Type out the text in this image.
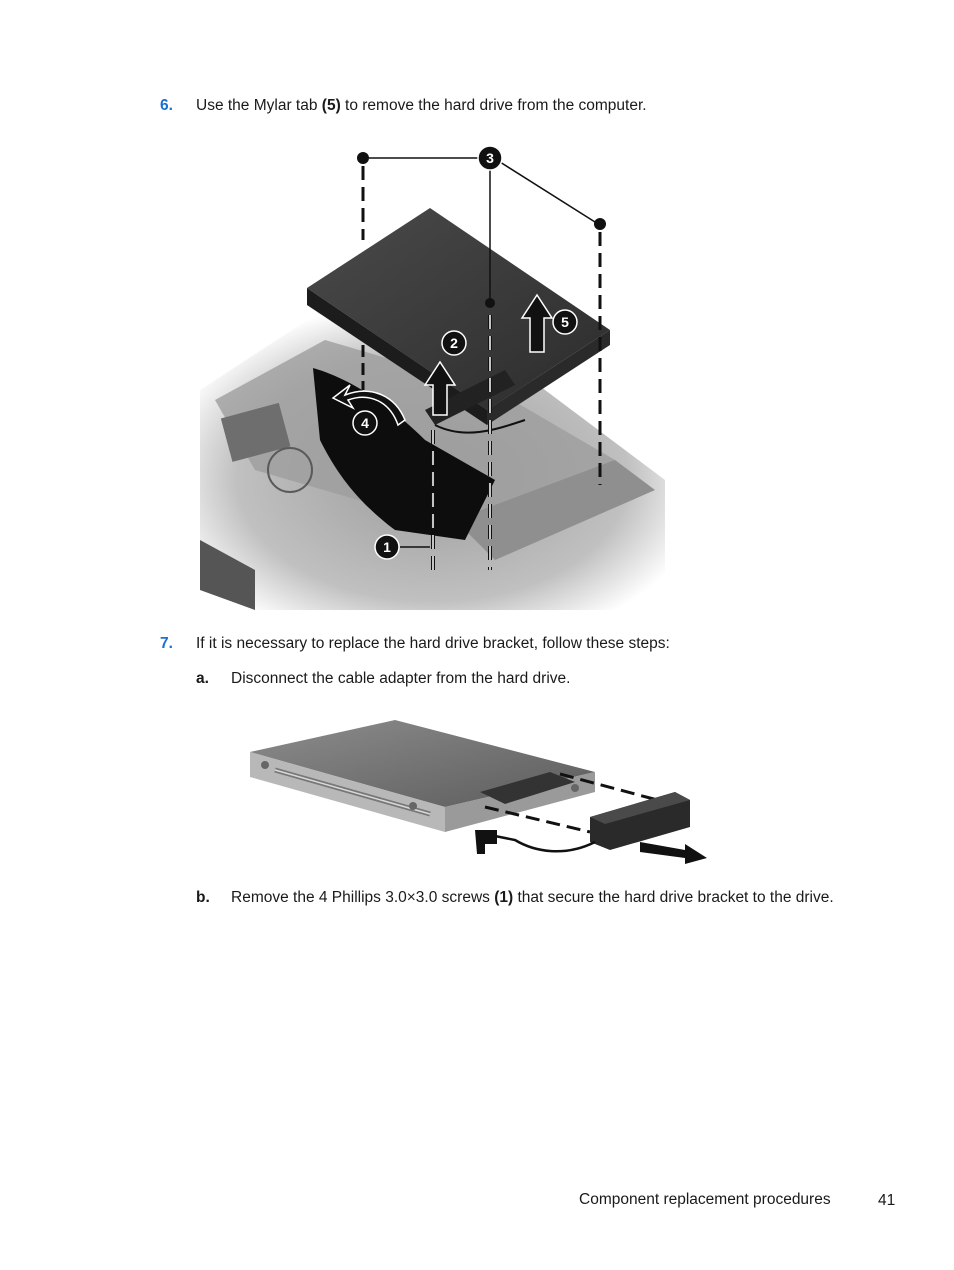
6. Use the Mylar tab (5) to remove the hard drive from the computer.
1
2
3
4
5
7. If it is necessary to replace the hard drive bracket, follow these steps:
a. Disconnect the cable adapter from the hard drive.
b. Remove the 4 Phillips 3.0×3.0 screws (1) that secure the hard drive bracket to the drive.
Component replacement procedures	41
